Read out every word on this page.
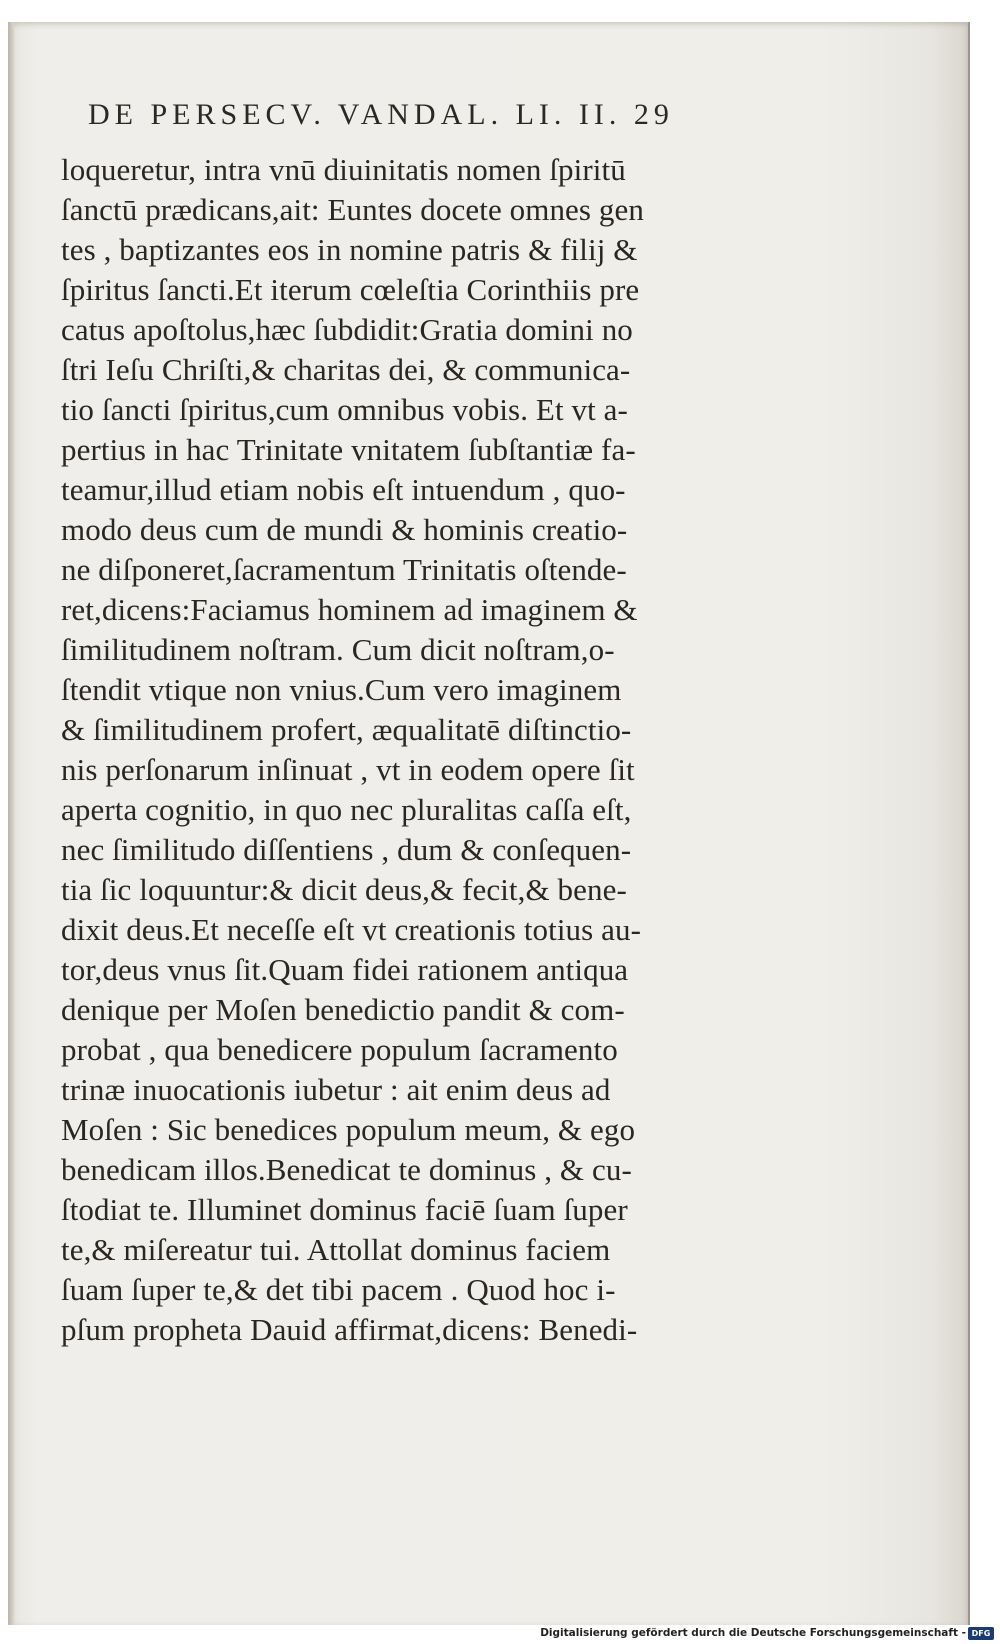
DE PERSECV. VANDAL. LI. II. 29
loqueretur, intra vnū diuinitatis nomen ſpiritū
ſanctū prædicans,ait: Euntes docete omnes gen
tes , baptizantes eos in nomine patris & filij &
ſpiritus ſancti.Et iterum cœleſtia Corinthiis pre
catus apoſtolus,hæc ſubdidit:Gratia domini no
ſtri Ieſu Chriſti,& charitas dei, & communica-
tio ſancti ſpiritus,cum omnibus vobis. Et vt a-
pertius in hac Trinitate vnitatem ſubſtantiæ fa-
teamur,illud etiam nobis eſt intuendum , quo-
modo deus cum de mundi & hominis creatio-
ne diſponeret,ſacramentum Trinitatis oſtende-
ret,dicens:Faciamus hominem ad imaginem &
ſimilitudinem noſtram. Cum dicit noſtram,o-
ſtendit vtique non vnius.Cum vero imaginem
& ſimilitudinem profert, æqualitatē diſtinctio-
nis perſonarum inſinuat , vt in eodem opere ſit
aperta cognitio, in quo nec pluralitas caſſa eſt,
nec ſimilitudo diſſentiens , dum & conſequen-
tia ſic loquuntur:& dicit deus,& fecit,& bene-
dixit deus.Et neceſſe eſt vt creationis totius au-
tor,deus vnus ſit.Quam fidei rationem antiqua
denique per Moſen benedictio pandit & com-
probat , qua benedicere populum ſacramento
trinæ inuocationis iubetur : ait enim deus ad
Moſen : Sic benedices populum meum, & ego
benedicam illos.Benedicat te dominus , & cu-
ſtodiat te. Illuminet dominus faciē ſuam ſuper
te,& miſereatur tui. Attollat dominus faciem
ſuam ſuper te,& det tibi pacem . Quod hoc i-
pſum propheta Dauid affirmat,dicens: Benedi-
Digitalisierung gefördert durch die Deutsche Forschungsgemeinschaft - DFG
